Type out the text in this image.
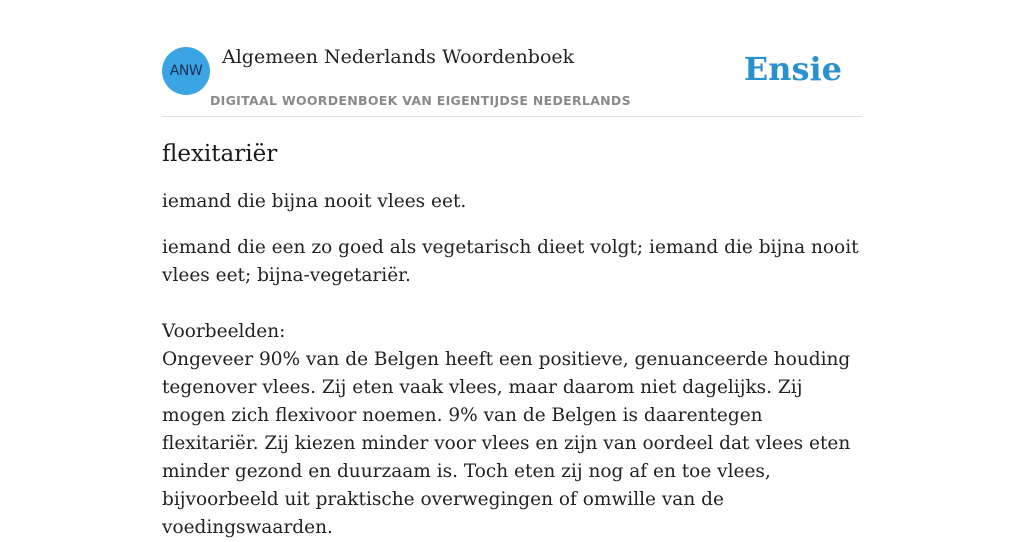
ANW
Algemeen Nederlands Woordenboek
DIGITAAL WOORDENBOEK VAN EIGENTIJDSE NEDERLANDS
Ensie
flexitariër

iemand die bijna nooit vlees eet.

iemand die een zo goed als vegetarisch dieet volgt; iemand die bijna nooit vlees eet; bijna-vegetariër.

Voorbeelden:

Ongeveer 90% van de Belgen heeft een positieve, genuanceerde houding tegenover vlees. Zij eten vaak vlees, maar daarom niet dagelijks. Zij mogen zich flexivoor noemen. 9% van de Belgen is daarentegen flexitariër. Zij kiezen minder voor vlees en zijn van oordeel dat vlees eten minder gezond en duurzaam is. Toch eten zij nog af en toe vlees, bijvoorbeeld uit praktische overwegingen of omwille van de voedingswaarden.
